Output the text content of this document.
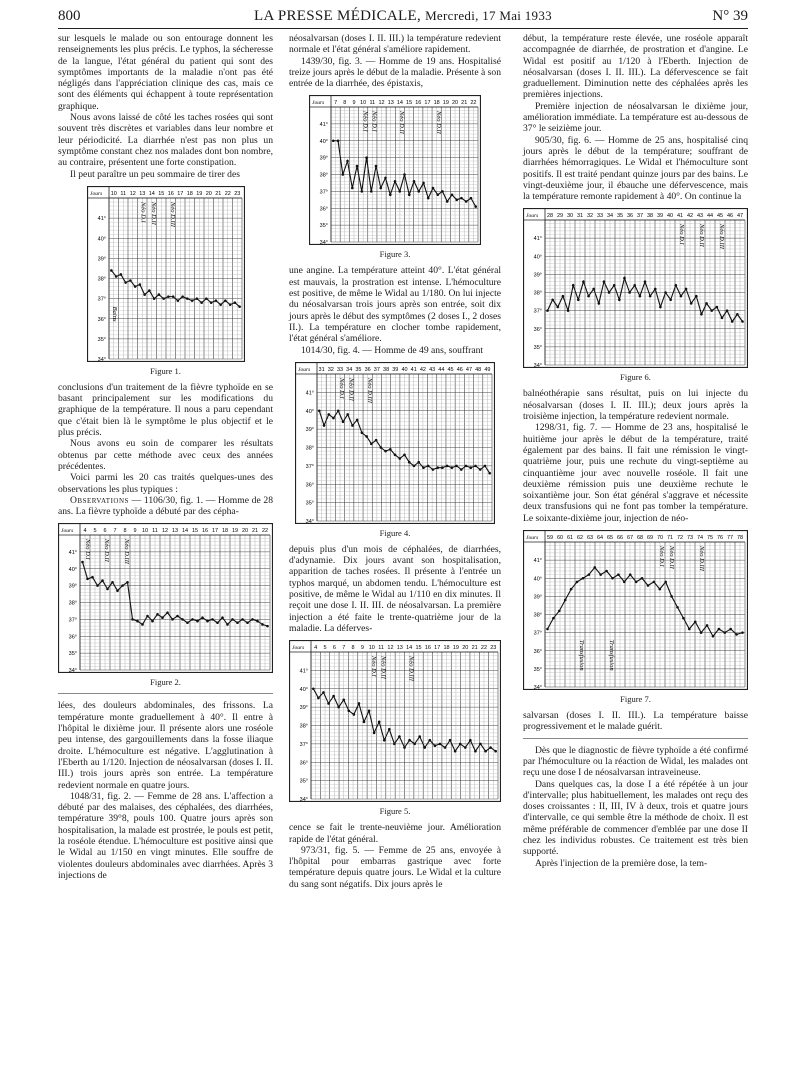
800	LA PRESSE MÉDICALE, Mercredi, 17 Mai 1933	N° 39

sur lesquels le malade ou son entourage donnent les renseignements les plus précis. Le typhos, la sécheresse de la langue, l'état général du patient qui sont des symptômes importants de la maladie n'ont pas été négligés dans l'appréciation clinique des cas, mais ce sont des éléments qui échappent à toute représentation graphique.

Nous avons laissé de côté les taches rosées qui sont souvent très discrètes et variables dans leur nombre et leur périodicité. La diarrhée n'est pas non plus un symptôme constant chez nos malades dont bon nombre, au contraire, présentent une forte constipation.

Il peut paraître un peu sommaire de tirer des

Jours 10 11 12 13 14 15 16 17 18 19 20 21 22 23
41°
40°
39°
38°
37°
36°
35°
34°
Néo D.I Néo D.II Néo D.III
Bains
Figure 1.

conclusions d'un traitement de la fièvre typhoïde en se basant principalement sur les modifications du graphique de la température. Il nous a paru cependant que c'était bien là le symptôme le plus objectif et le plus précis.

Nous avons eu soin de comparer les résultats obtenus par cette méthode avec ceux des années précédentes.

Voici parmi les 20 cas traités quelques-unes des observations les plus typiques :

Observations — 1106/30, fig. 1. — Homme de 28 ans. La fièvre typhoïde a débuté par des cépha-

Jours 4 5 6 7 8 9 10 11 12 13 14 15 16 17 18 19 20 21 22
41°
40°
39°
38°
37°
36°
35°
34°
Néo D.I Néo D.II Néo D.III
Figure 2.

lées, des douleurs abdominales, des frissons. La température monte graduellement à 40°. Il entre à l'hôpital le dixième jour. Il présente alors une roséole peu intense, des gargouillements dans la fosse iliaque droite. L'hémoculture est négative. L'agglutination à l'Eberth au 1/120. Injection de néosalvarsan (doses I. II. III.) trois jours après son entrée. La température redevient normale en quatre jours.

1048/31, fig. 2. — Femme de 28 ans. L'affection a débuté par des malaises, des céphalées, des diarrhées, température 39°8, pouls 100. Quatre jours après son hospitalisation, la malade est prostrée, le pouls est petit, la roséole étendue. L'hémoculture est positive ainsi que le Widal au 1/150 en vingt minutes. Elle souffre de violentes douleurs abdominales avec diarrhées. Après 3 injections de

néosalvarsan (doses I. II. III.) la température redevient normale et l'état général s'améliore rapidement.

1439/30, fig. 3. — Homme de 19 ans. Hospitalisé treize jours après le début de la maladie. Présente à son entrée de la diarrhée, des épistaxis,

Jours 7 8 9 10 11 12 13 14 15 16 17 18 19 20 21 22
41°
40°
39°
38°
37°
36°
35°
34°
Néo D.I Néo D.I	Néo D.II	Néo D.II
Figure 3.

une angine. La température atteint 40°. L'état général est mauvais, la prostration est intense. L'hémoculture est positive, de même le Widal au 1/180. On lui injecte du néosalvarsan trois jours après son entrée, soit dix jours après le début des symptômes (2 doses I., 2 doses II.). La température en clocher tombe rapidement, l'état général s'améliore.

1014/30, fig. 4. — Homme de 49 ans, souffrant

Jours 31 32 33 34 35 36 37 38 39 40 41 42 43 44 45 46 47 48 49
41°
40°
39°
38°
37°
36°
35°
34°
Néo D.I Néo D.II Néo D.III
Figure 4.

depuis plus d'un mois de céphalées, de diarrhées, d'adynamie. Dix jours avant son hospitalisation, apparition de taches rosées. Il présente à l'entrée un typhos marqué, un abdomen tendu. L'hémoculture est positive, de même le Widal au 1/110 en dix minutes. Il reçoit une dose I. II. III. de néosalvarsan. La première injection a été faite le trente-quatrième jour de la maladie. La déferves-

Jours 4 5 6 7 8 9 10 11 12 13 14 15 16 17 18 19 20 21 22 23
41°
40°
39°
38°
37°
36°
35°
34°
Néo D.I Néo D.II	Néo D.III
Figure 5.

cence se fait le trente-neuvième jour. Amélioration rapide de l'état général.

973/31, fig. 5. — Femme de 25 ans, envoyée à l'hôpital pour embarras gastrique avec forte température depuis quatre jours. Le Widal et la culture du sang sont négatifs. Dix jours après le

début, la température reste élevée, une roséole apparaît accompagnée de diarrhée, de prostration et d'angine. Le Widal est positif au 1/120 à l'Eberth. Injection de néosalvarsan (doses I. II. III.). La défervescence se fait graduellement. Diminution nette des céphalées après les premières injections.

Première injection de néosalvarsan le dixième jour, amélioration immédiate. La température est au-dessous de 37° le seizième jour.

905/30, fig. 6. — Homme de 25 ans, hospitalisé cinq jours après le début de la température; souffrant de diarrhées hémorragiques. Le Widal et l'hémoculture sont positifs. Il est traité pendant quinze jours par des bains. Le vingt-deuxième jour, il ébauche une défervescence, mais la température remonte rapidement à 40°. On continue la

Jours 28 29 30 31 32 33 34 35 36 37 38 39 40 41 42 43 44 45 46 47
41°
40°
39°
38°
37°
36°
35°
34°
Néo D.I Néo D.II Néo D.III
Figure 6.

balnéothérapie sans résultat, puis on lui injecte du néosalvarsan (doses I. II. III.); deux jours après la troisième injection, la température redevient normale.

1298/31, fig. 7. — Homme de 23 ans, hospitalisé le huitième jour après le début de la température, traité également par des bains. Il fait une rémission le vingt-quatrième jour, puis une rechute du vingt-septième au cinquantième jour avec nouvelle roséole. Il fait une deuxième rémission puis une deuxième rechute le soixantième jour. Son état général s'aggrave et nécessite deux transfusions qui ne font pas tomber la température. Le soixante-dixième jour, injection de néo-

Jours 59 60 61 62 63 64 65 66 67 68 69 70 71 72 73 74 75 76 77 78
41°
40°
39°
38°
37°
36°
35°
34°
Transfusion	Transfusion
Néo D.I Néo D.II	Néo D.III
Figure 7.

salvarsan (doses I. II. III.). La température baisse progressivement et le malade guérit.

Dès que le diagnostic de fièvre typhoïde a été confirmé par l'hémoculture ou la réaction de Widal, les malades ont reçu une dose I de néosalvarsan intraveineuse.

Dans quelques cas, la dose I a été répétée à un jour d'intervalle; plus habituellement, les malades ont reçu des doses croissantes : II, III, IV à deux, trois et quatre jours d'intervalle, ce qui semble être la méthode de choix. Il est même préférable de commencer d'emblée par une dose II chez les individus robustes. Ce traitement est très bien supporté.

Après l'injection de la première dose, la tem-
